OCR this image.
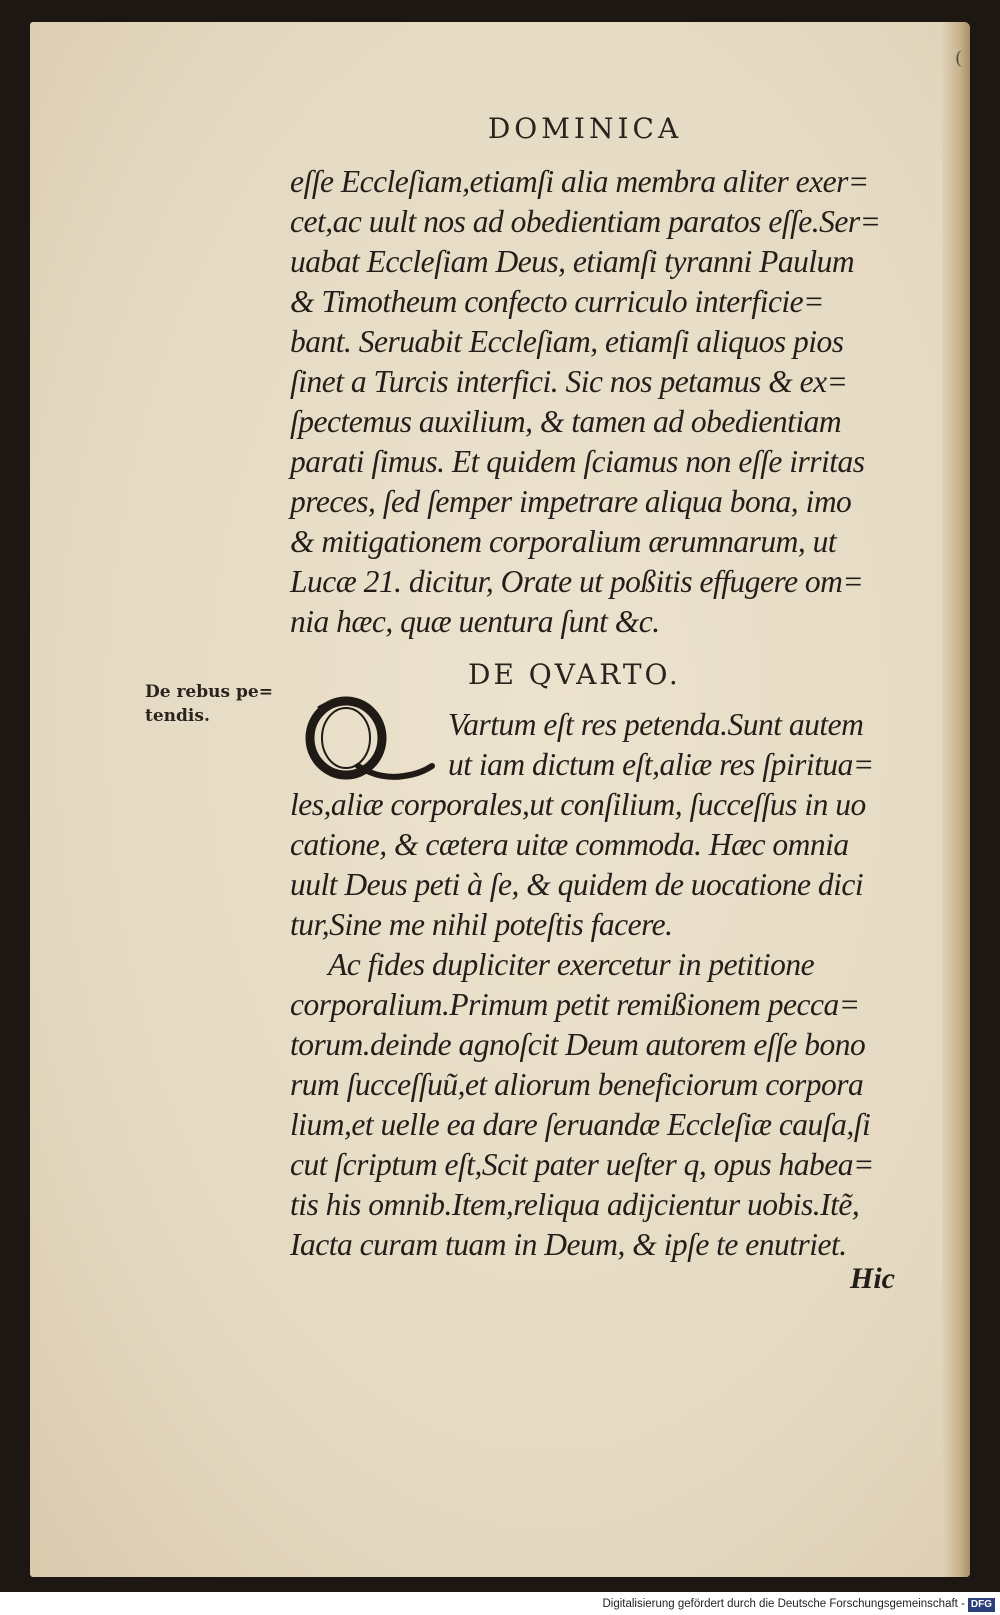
(
DOMINICA
eſſe Eccleſiam,etiamſi alia membra aliter exer=
cet,ac uult nos ad obedientiam paratos eſſe.Ser=
uabat Eccleſiam Deus, etiamſi tyranni Paulum
& Timotheum confecto curriculo interficie=
bant. Seruabit Eccleſiam, etiamſi aliquos pios
ſinet a Turcis interfici. Sic nos petamus & ex=
ſpectemus auxilium, & tamen ad obedientiam
parati ſimus. Et quidem ſciamus non eſſe irritas
preces, ſed ſemper impetrare aliqua bona, imo
& mitigationem corporalium ærumnarum, ut
Lucæ 21. dicitur, Orate ut poßitis effugere om=
nia hæc, quæ uentura ſunt &c.
DE QVARTO.
De rebus pe=
tendis.	Vartum eſt res petenda.Sunt autem
ut iam dictum eſt,aliæ res ſpiritua=
les,aliæ corporales,ut conſilium, ſucceſſus in uo
catione, & cætera uitæ commoda. Hæc omnia
uult Deus peti à ſe, & quidem de uocatione dici
tur,Sine me nihil poteſtis facere.
Ac fides dupliciter exercetur in petitione
corporalium.Primum petit remißionem pecca=
torum.deinde agnoſcit Deum autorem eſſe bono
rum ſucceſſuũ,et aliorum beneficiorum corpora
lium,et uelle ea dare ſeruandæ Eccleſiæ cauſa,ſi
cut ſcriptum eſt,Scit pater ueſter q, opus habea=
tis his omnib.Item,reliqua adijcientur uobis.Itẽ,
Iacta curam tuam in Deum, & ipſe te enutriet.
Hic
Digitalisierung gefördert durch die Deutsche Forschungsgemeinschaft - DFG
